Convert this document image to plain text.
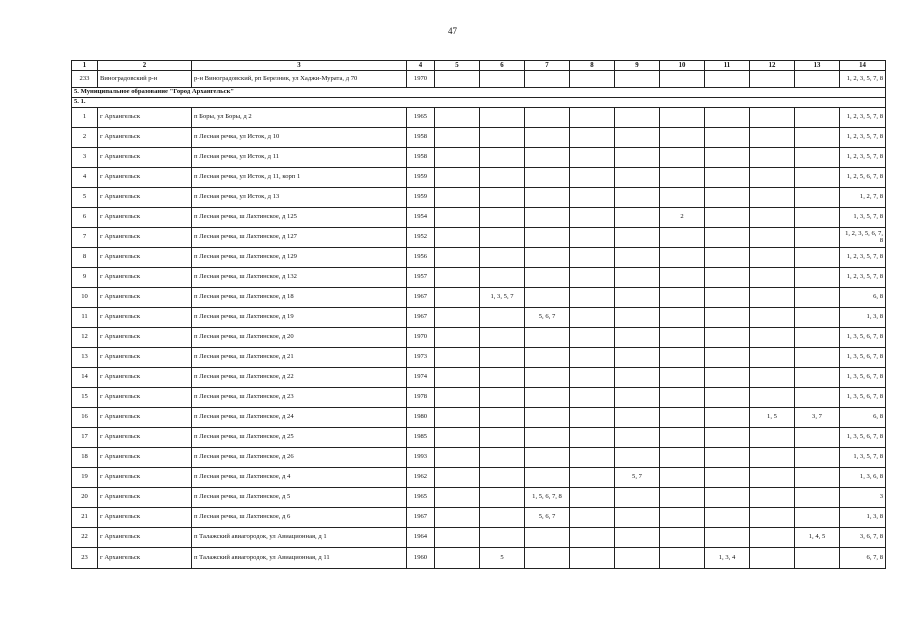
47
1	2	3	4	5	6	7	8	9	10	11	12	13	14
233	Виноградовский р-н	р-н Виноградовский, рп Березник, ул Хаджи-Мурата, д 70	1970										1, 2, 3, 5, 7, 8
5. Муниципальное образование "Город Архангельск"													
5. 1.													
1	г Архангельск	п Боры, ул Боры, д 2	1965										1, 2, 3, 5, 7, 8
2	г Архангельск	п Лесная речка, ул Исток, д 10	1958										1, 2, 3, 5, 7, 8
3	г Архангельск	п Лесная речка, ул Исток, д 11	1958										1, 2, 3, 5, 7, 8
4	г Архангельск	п Лесная речка, ул Исток, д 11, корп 1	1959										1, 2, 5, 6, 7, 8
5	г Архангельск	п Лесная речка, ул Исток, д 13	1959										1, 2, 7, 8
6	г Архангельск	п Лесная речка, ш Лахтинское, д 125	1954						2				1, 3, 5, 7, 8
7	г Архангельск	п Лесная речка, ш Лахтинское, д 127	1952										1, 2, 3, 5, 6, 7, 8
8	г Архангельск	п Лесная речка, ш Лахтинское, д 129	1956										1, 2, 3, 5, 7, 8
9	г Архангельск	п Лесная речка, ш Лахтинское, д 132	1957										1, 2, 3, 5, 7, 8
10	г Архангельск	п Лесная речка, ш Лахтинское, д 18	1967		1, 3, 5, 7								6, 8
11	г Архангельск	п Лесная речка, ш Лахтинское, д 19	1967			5, 6, 7							1, 3, 8
12	г Архангельск	п Лесная речка, ш Лахтинское, д 20	1970										1, 3, 5, 6, 7, 8
13	г Архангельск	п Лесная речка, ш Лахтинское, д 21	1973										1, 3, 5, 6, 7, 8
14	г Архангельск	п Лесная речка, ш Лахтинское, д 22	1974										1, 3, 5, 6, 7, 8
15	г Архангельск	п Лесная речка, ш Лахтинское, д 23	1978										1, 3, 5, 6, 7, 8
16	г Архангельск	п Лесная речка, ш Лахтинское, д 24	1980								1, 5	3, 7	6, 8
17	г Архангельск	п Лесная речка, ш Лахтинское, д 25	1985										1, 3, 5, 6, 7, 8
18	г Архангельск	п Лесная речка, ш Лахтинское, д 26	1993										1, 3, 5, 7, 8
19	г Архангельск	п Лесная речка, ш Лахтинское, д 4	1962					5, 7					1, 3, 6, 8
20	г Архангельск	п Лесная речка, ш Лахтинское, д 5	1965			1, 5, 6, 7, 8							3
21	г Архангельск	п Лесная речка, ш Лахтинское, д 6	1967			5, 6, 7							1, 3, 8
22	г Архангельск	п Талажский авиагородок, ул Авиационная, д 1	1964									1, 4, 5	3, 6, 7, 8
23	г Архангельск	п Талажский авиагородок, ул Авиационная, д 11	1960		5					1, 3, 4			6, 7, 8
